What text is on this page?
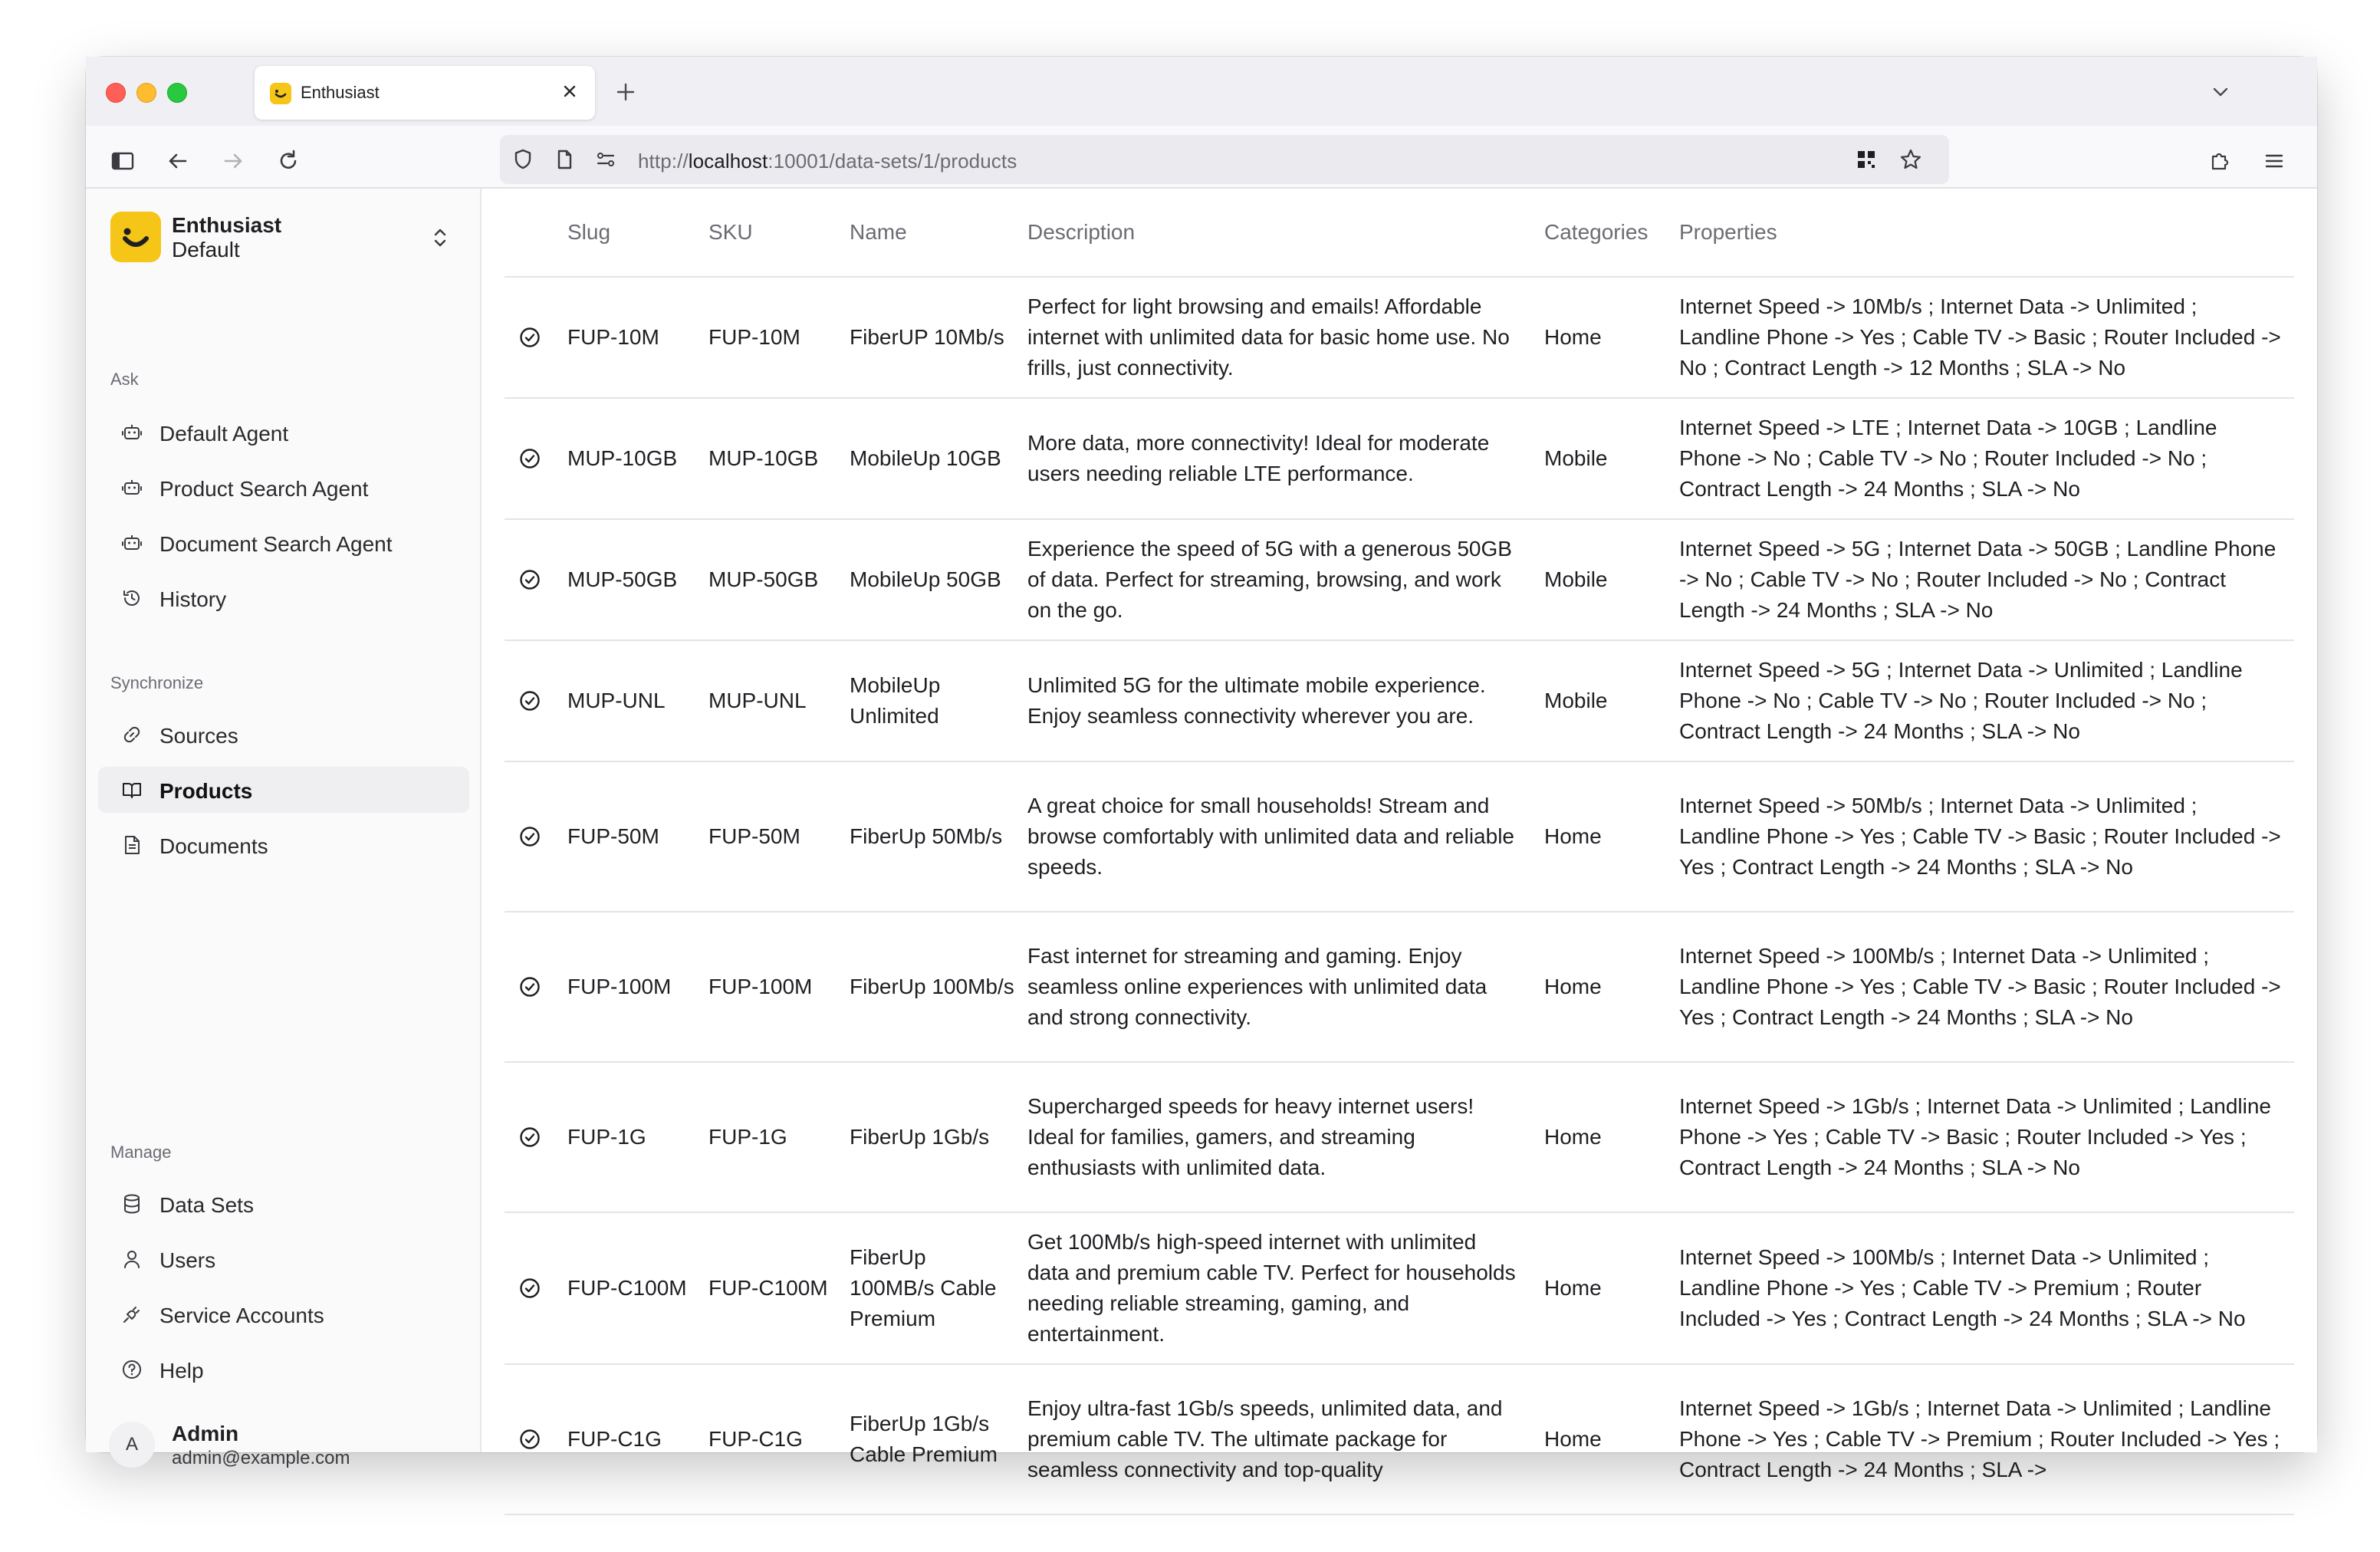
Enthusiast
http://localhost:10001/data-sets/1/products
Enthusiast
Default
Ask
Default Agent
Product Search Agent
Document Search Agent
History
Synchronize
Sources
Products
Documents
Manage
Data Sets
Users
Service Accounts
Help
A	Admin
admin@example.com
	Slug	SKU	Name	Description	Categories	Properties

	FUP-10M	FUP-10M	FiberUP 10Mb/s	Perfect for light browsing and emails! Affordable internet with unlimited data for basic home use. No frills, just connectivity.	Home	Internet Speed -> 10Mb/s ; Internet Data -> Unlimited ; Landline Phone -> Yes ; Cable TV -> Basic ; Router Included -> No ; Contract Length -> 12 Months ; SLA -> No

	MUP-10GB	MUP-10GB	MobileUp 10GB	More data, more connectivity! Ideal for moderate users needing reliable LTE performance.	Mobile	Internet Speed -> LTE ; Internet Data -> 10GB ; Landline Phone -> No ; Cable TV -> No ; Router Included -> No ; Contract Length -> 24 Months ; SLA -> No

	MUP-50GB	MUP-50GB	MobileUp 50GB	Experience the speed of 5G with a generous 50GB of data. Perfect for streaming, browsing, and work on the go.	Mobile	Internet Speed -> 5G ; Internet Data -> 50GB ; Landline Phone -> No ; Cable TV -> No ; Router Included -> No ; Contract Length -> 24 Months ; SLA -> No

	MUP-UNL	MUP-UNL	MobileUp Unlimited	Unlimited 5G for the ultimate mobile experience. Enjoy seamless connectivity wherever you are.	Mobile	Internet Speed -> 5G ; Internet Data -> Unlimited ; Landline Phone -> No ; Cable TV -> No ; Router Included -> No ; Contract Length -> 24 Months ; SLA -> No

	FUP-50M	FUP-50M	FiberUp 50Mb/s	A great choice for small households! Stream and browse comfortably with unlimited data and reliable speeds.	Home	Internet Speed -> 50Mb/s ; Internet Data -> Unlimited ; Landline Phone -> Yes ; Cable TV -> Basic ; Router Included -> Yes ; Contract Length -> 24 Months ; SLA -> No

	FUP-100M	FUP-100M	FiberUp 100Mb/s	Fast internet for streaming and gaming. Enjoy seamless online experiences with unlimited data and strong connectivity.	Home	Internet Speed -> 100Mb/s ; Internet Data -> Unlimited ; Landline Phone -> Yes ; Cable TV -> Basic ; Router Included -> Yes ; Contract Length -> 24 Months ; SLA -> No

	FUP-1G	FUP-1G	FiberUp 1Gb/s	Supercharged speeds for heavy internet users! Ideal for families, gamers, and streaming enthusiasts with unlimited data.	Home	Internet Speed -> 1Gb/s ; Internet Data -> Unlimited ; Landline Phone -> Yes ; Cable TV -> Basic ; Router Included -> Yes ; Contract Length -> 24 Months ; SLA -> No

	FUP-C100M	FUP-C100M	FiberUp 100MB/s Cable Premium	Get 100Mb/s high-speed internet with unlimited data and premium cable TV. Perfect for households needing reliable streaming, gaming, and entertainment.	Home	Internet Speed -> 100Mb/s ; Internet Data -> Unlimited ; Landline Phone -> Yes ; Cable TV -> Premium ; Router Included -> Yes ; Contract Length -> 24 Months ; SLA -> No

	FUP-C1G	FUP-C1G	FiberUp 1Gb/s Cable Premium	Enjoy ultra-fast 1Gb/s speeds, unlimited data, and premium cable TV. The ultimate package for seamless connectivity and top-quality	Home	Internet Speed -> 1Gb/s ; Internet Data -> Unlimited ; Landline Phone -> Yes ; Cable TV -> Premium ; Router Included -> Yes ; Contract Length -> 24 Months ; SLA ->
